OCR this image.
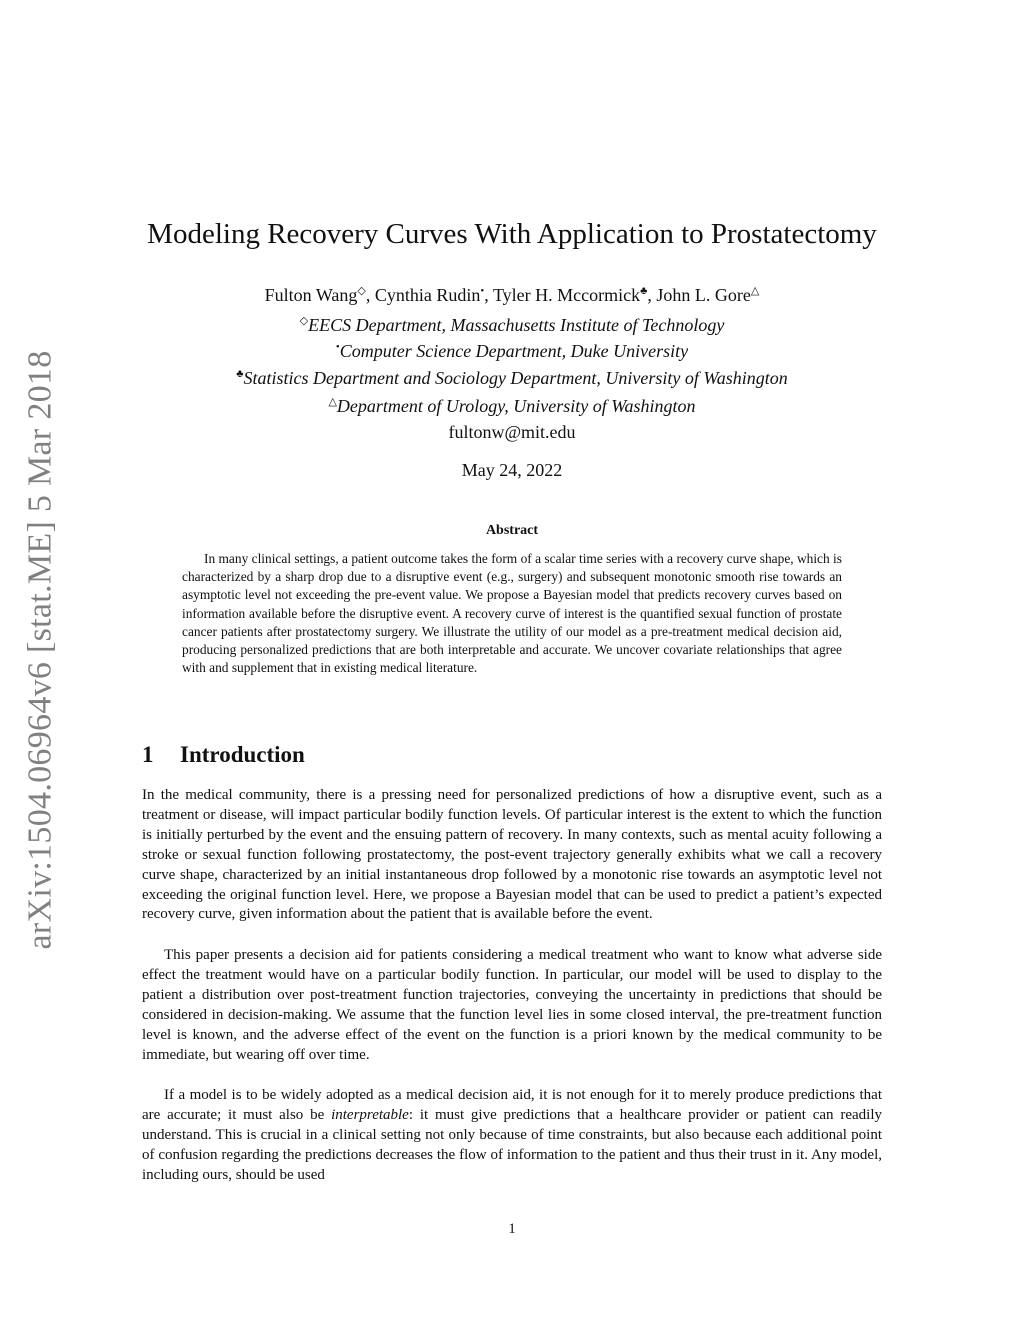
arXiv:1504.06964v6 [stat.ME] 5 Mar 2018
Modeling Recovery Curves With Application to Prostatectomy
Fulton Wang◇, Cynthia Rudin•, Tyler H. Mccormick♣, John L. Gore△
◇EECS Department, Massachusetts Institute of Technology
•Computer Science Department, Duke University
♣Statistics Department and Sociology Department, University of Washington
△Department of Urology, University of Washington
fultonw@mit.edu
May 24, 2022
Abstract

In many clinical settings, a patient outcome takes the form of a scalar time series with a recovery curve shape, which is characterized by a sharp drop due to a disruptive event (e.g., surgery) and subsequent monotonic smooth rise towards an asymptotic level not exceeding the pre-event value. We propose a Bayesian model that predicts recovery curves based on information available before the disruptive event. A recovery curve of interest is the quantified sexual function of prostate cancer patients after prostatectomy surgery. We illustrate the utility of our model as a pre-treatment medical decision aid, producing personalized predictions that are both interpretable and accurate. We uncover covariate relationships that agree with and supplement that in existing medical literature.

1 Introduction

In the medical community, there is a pressing need for personalized predictions of how a disruptive event, such as a treatment or disease, will impact particular bodily function levels. Of particular interest is the extent to which the function is initially perturbed by the event and the ensuing pattern of recovery. In many contexts, such as mental acuity following a stroke or sexual function following prostatectomy, the post-event trajectory generally exhibits what we call a recovery curve shape, characterized by an initial instantaneous drop followed by a monotonic rise towards an asymptotic level not exceeding the original function level. Here, we propose a Bayesian model that can be used to predict a patient’s expected recovery curve, given information about the patient that is available before the event.

This paper presents a decision aid for patients considering a medical treatment who want to know what adverse side effect the treatment would have on a particular bodily function. In particular, our model will be used to display to the patient a distribution over post-treatment function trajectories, conveying the uncertainty in predictions that should be considered in decision-making. We assume that the function level lies in some closed interval, the pre-treatment function level is known, and the adverse effect of the event on the function is a priori known by the medical community to be immediate, but wearing off over time.

If a model is to be widely adopted as a medical decision aid, it is not enough for it to merely produce predictions that are accurate; it must also be interpretable: it must give predictions that a healthcare provider or patient can readily understand. This is crucial in a clinical setting not only because of time constraints, but also because each additional point of confusion regarding the predictions decreases the flow of information to the patient and thus their trust in it. Any model, including ours, should be used

1
